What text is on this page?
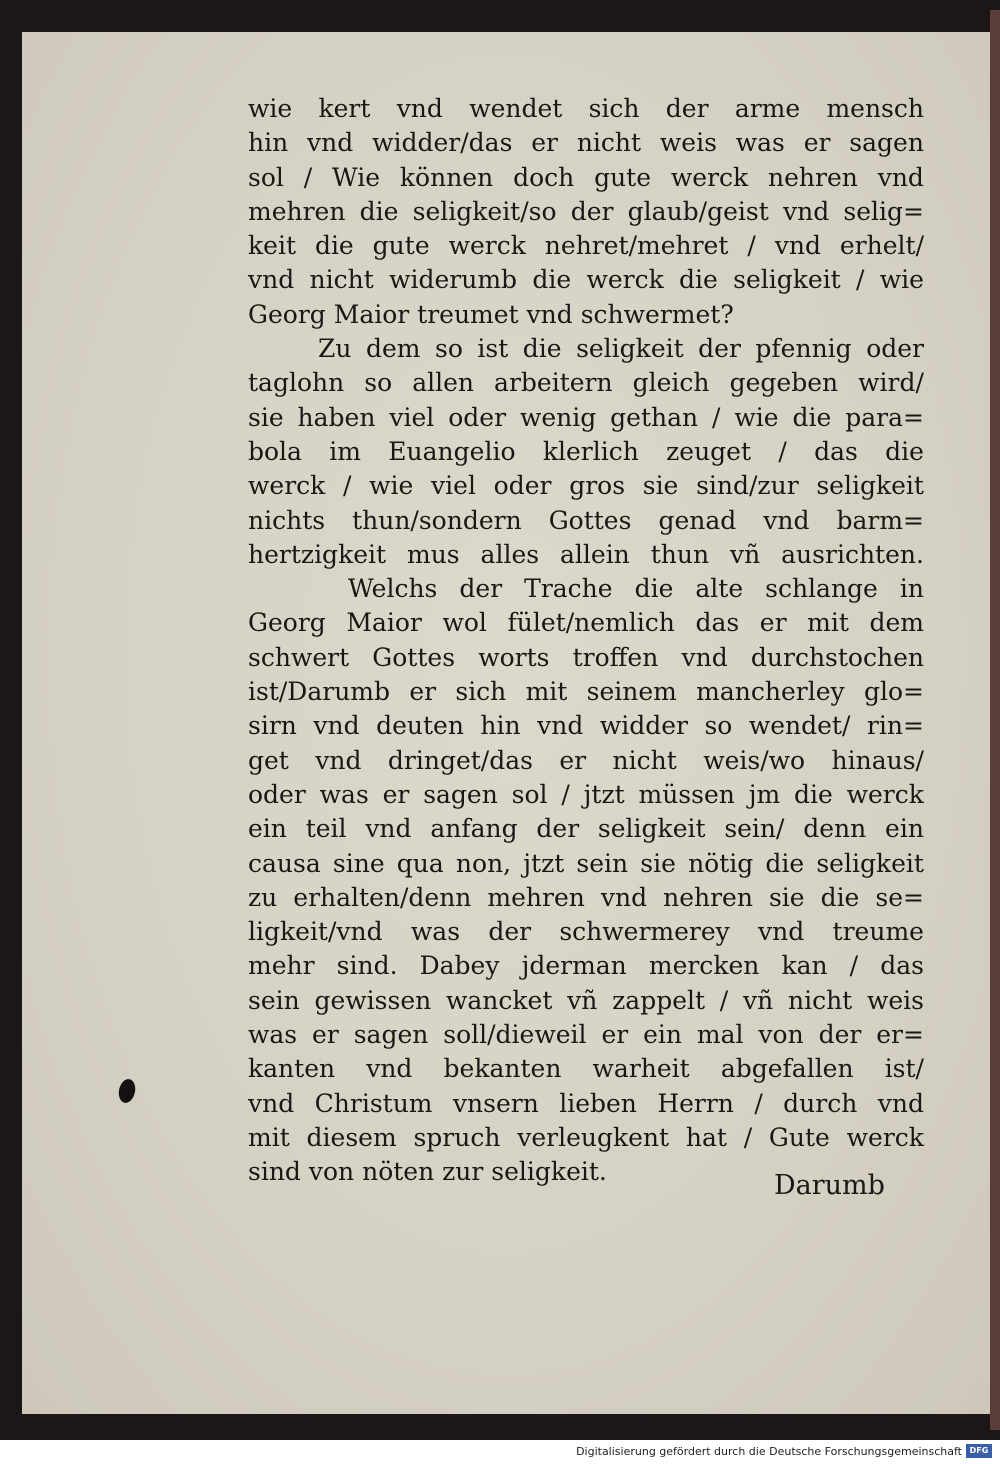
wie kert vnd wendet sich der arme mensch
hin vnd widder/das er nicht weis was er sagen
sol / Wie können doch gute werck nehren vnd
mehren die seligkeit/so der glaub/geist vnd selig=
keit die gute werck nehret/mehret / vnd erhelt/
vnd nicht widerumb die werck die seligkeit / wie
Georg Maior treumet vnd schwermet?
Zu dem so ist die seligkeit der pfennig oder
taglohn so allen arbeitern gleich gegeben wird/
sie haben viel oder wenig gethan / wie die para=
bola im Euangelio klerlich zeuget / das die
werck / wie viel oder gros sie sind/zur seligkeit
nichts thun/sondern Gottes genad vnd barm=
hertzigkeit mus alles allein thun vñ ausrichten.
Welchs der Trache die alte schlange in
Georg Maior wol fület/nemlich das er mit dem
schwert Gottes worts troffen vnd durchstochen
ist/Darumb er sich mit seinem mancherley glo=
sirn vnd deuten hin vnd widder so wendet/ rin=
get vnd dringet/das er nicht weis/wo hinaus/
oder was er sagen sol / jtzt müssen jm die werck
ein teil vnd anfang der seligkeit sein/ denn ein
causa sine qua non, jtzt sein sie nötig die seligkeit
zu erhalten/denn mehren vnd nehren sie die se=
ligkeit/vnd was der schwermerey vnd treume
mehr sind. Dabey jderman mercken kan / das
sein gewissen wancket vñ zappelt / vñ nicht weis
was er sagen soll/dieweil er ein mal von der er=
kanten vnd bekanten warheit abgefallen ist/
vnd Christum vnsern lieben Herrn / durch vnd
mit diesem spruch verleugkent hat / Gute werck
sind von nöten zur seligkeit.	Darumb
Digitalisierung gefördert durch die Deutsche Forschungsgemeinschaft DFG
